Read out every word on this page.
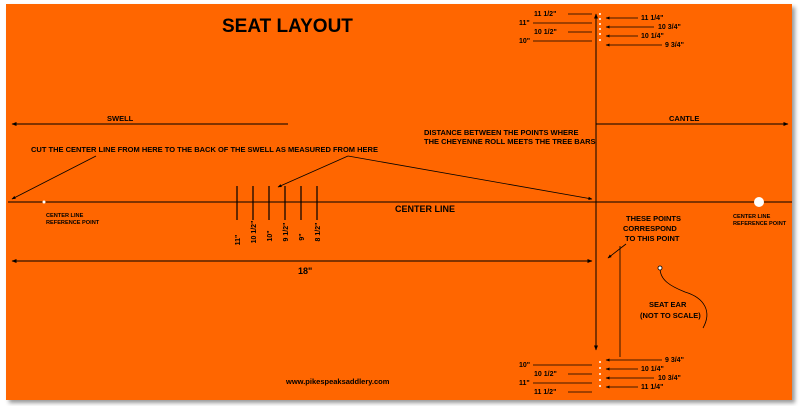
SEAT LAYOUT
CENTER LINE
SWELL	CANTLE
CUT THE CENTER LINE FROM HERE TO THE BACK OF THE SWELL AS MEASURED FROM HERE
DISTANCE BETWEEN THE POINTS WHERE
THE CHEYENNE ROLL MEETS THE TREE BARS
CENTER LINE
REFERENCE POINT
CENTER LINE
REFERENCE POINT
11" 10 1/2" 10" 9 1/2" 9" 8 1/2"
18"
THESE POINTS
CORRESPOND
TO THIS POINT
SEAT EAR
(NOT TO SCALE)
11 1/2"
11"
10 1/2"
10"
11 1/4"
10 3/4"
10 1/4"
9 3/4"
10"
10 1/2"
11"
11 1/2"
9 3/4"
10 1/4"
10 3/4"
11 1/4"
www.pikespeaksaddlery.com
